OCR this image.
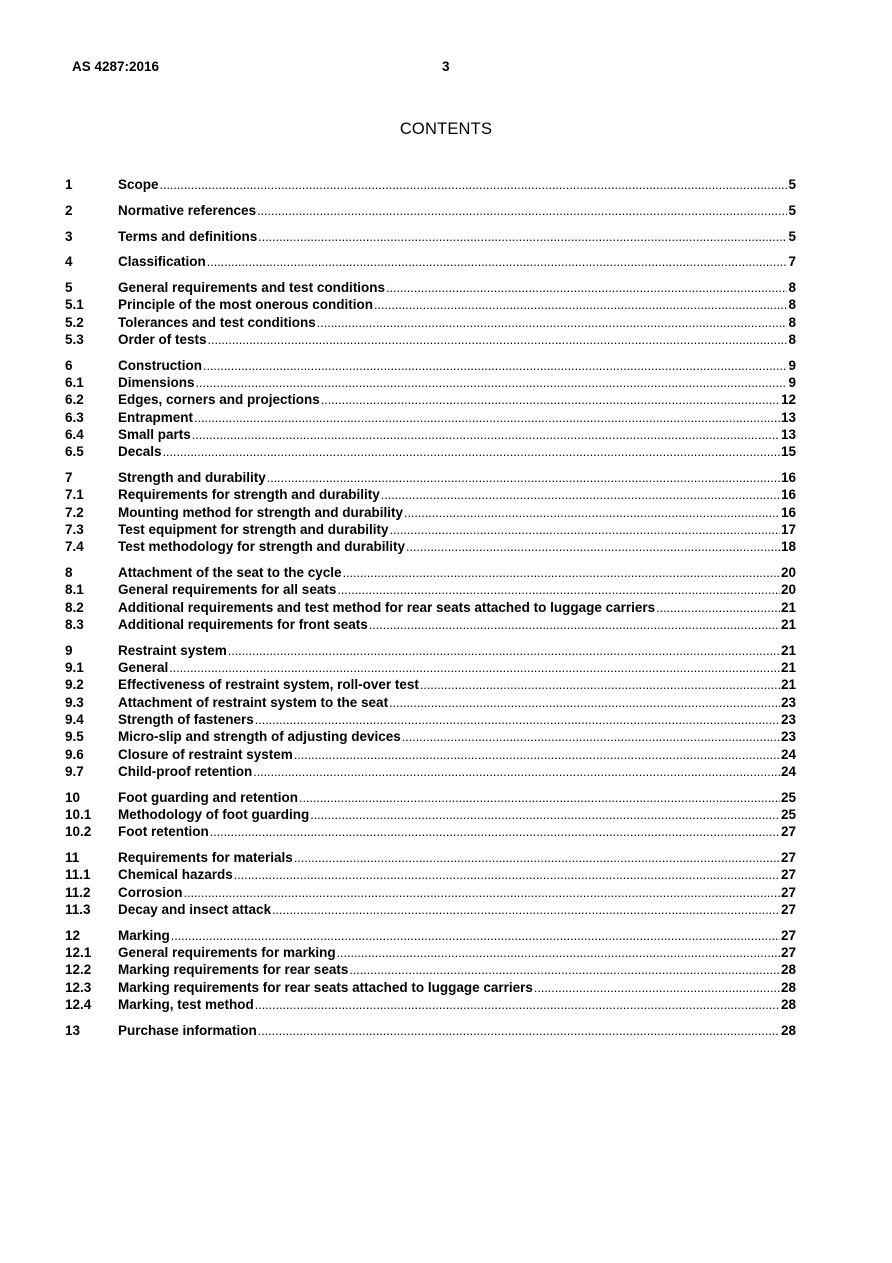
AS 4287:2016	3
CONTENTS
1	Scope .....	5
2	Normative references .....	5
3	Terms and definitions .....	5
4	Classification .....	7
5	General requirements and test conditions .....	8
5.1	Principle of the most onerous condition .....	8
5.2	Tolerances and test conditions .....	8
5.3	Order of tests .....	8
6	Construction .....	9
6.1	Dimensions .....	9
6.2	Edges, corners and projections .....	12
6.3	Entrapment .....	13
6.4	Small parts .....	13
6.5	Decals .....	15
7	Strength and durability .....	16
7.1	Requirements for strength and durability .....	16
7.2	Mounting method for strength and durability .....	16
7.3	Test equipment for strength and durability .....	17
7.4	Test methodology for strength and durability .....	18
8	Attachment of the seat to the cycle .....	20
8.1	General requirements for all seats .....	20
8.2	Additional requirements and test method for rear seats attached to luggage carriers .....	21
8.3	Additional requirements for front seats .....	21
9	Restraint system .....	21
9.1	General .....	21
9.2	Effectiveness of restraint system, roll-over test .....	21
9.3	Attachment of restraint system to the seat .....	23
9.4	Strength of fasteners .....	23
9.5	Micro-slip and strength of adjusting devices .....	23
9.6	Closure of restraint system .....	24
9.7	Child-proof retention .....	24
10	Foot guarding and retention .....	25
10.1	Methodology of foot guarding .....	25
10.2	Foot retention .....	27
11	Requirements for materials .....	27
11.1	Chemical hazards .....	27
11.2	Corrosion .....	27
11.3	Decay and insect attack .....	27
12	Marking .....	27
12.1	General requirements for marking .....	27
12.2	Marking requirements for rear seats .....	28
12.3	Marking requirements for rear seats attached to luggage carriers .....	28
12.4	Marking, test method .....	28
13	Purchase information .....	28
